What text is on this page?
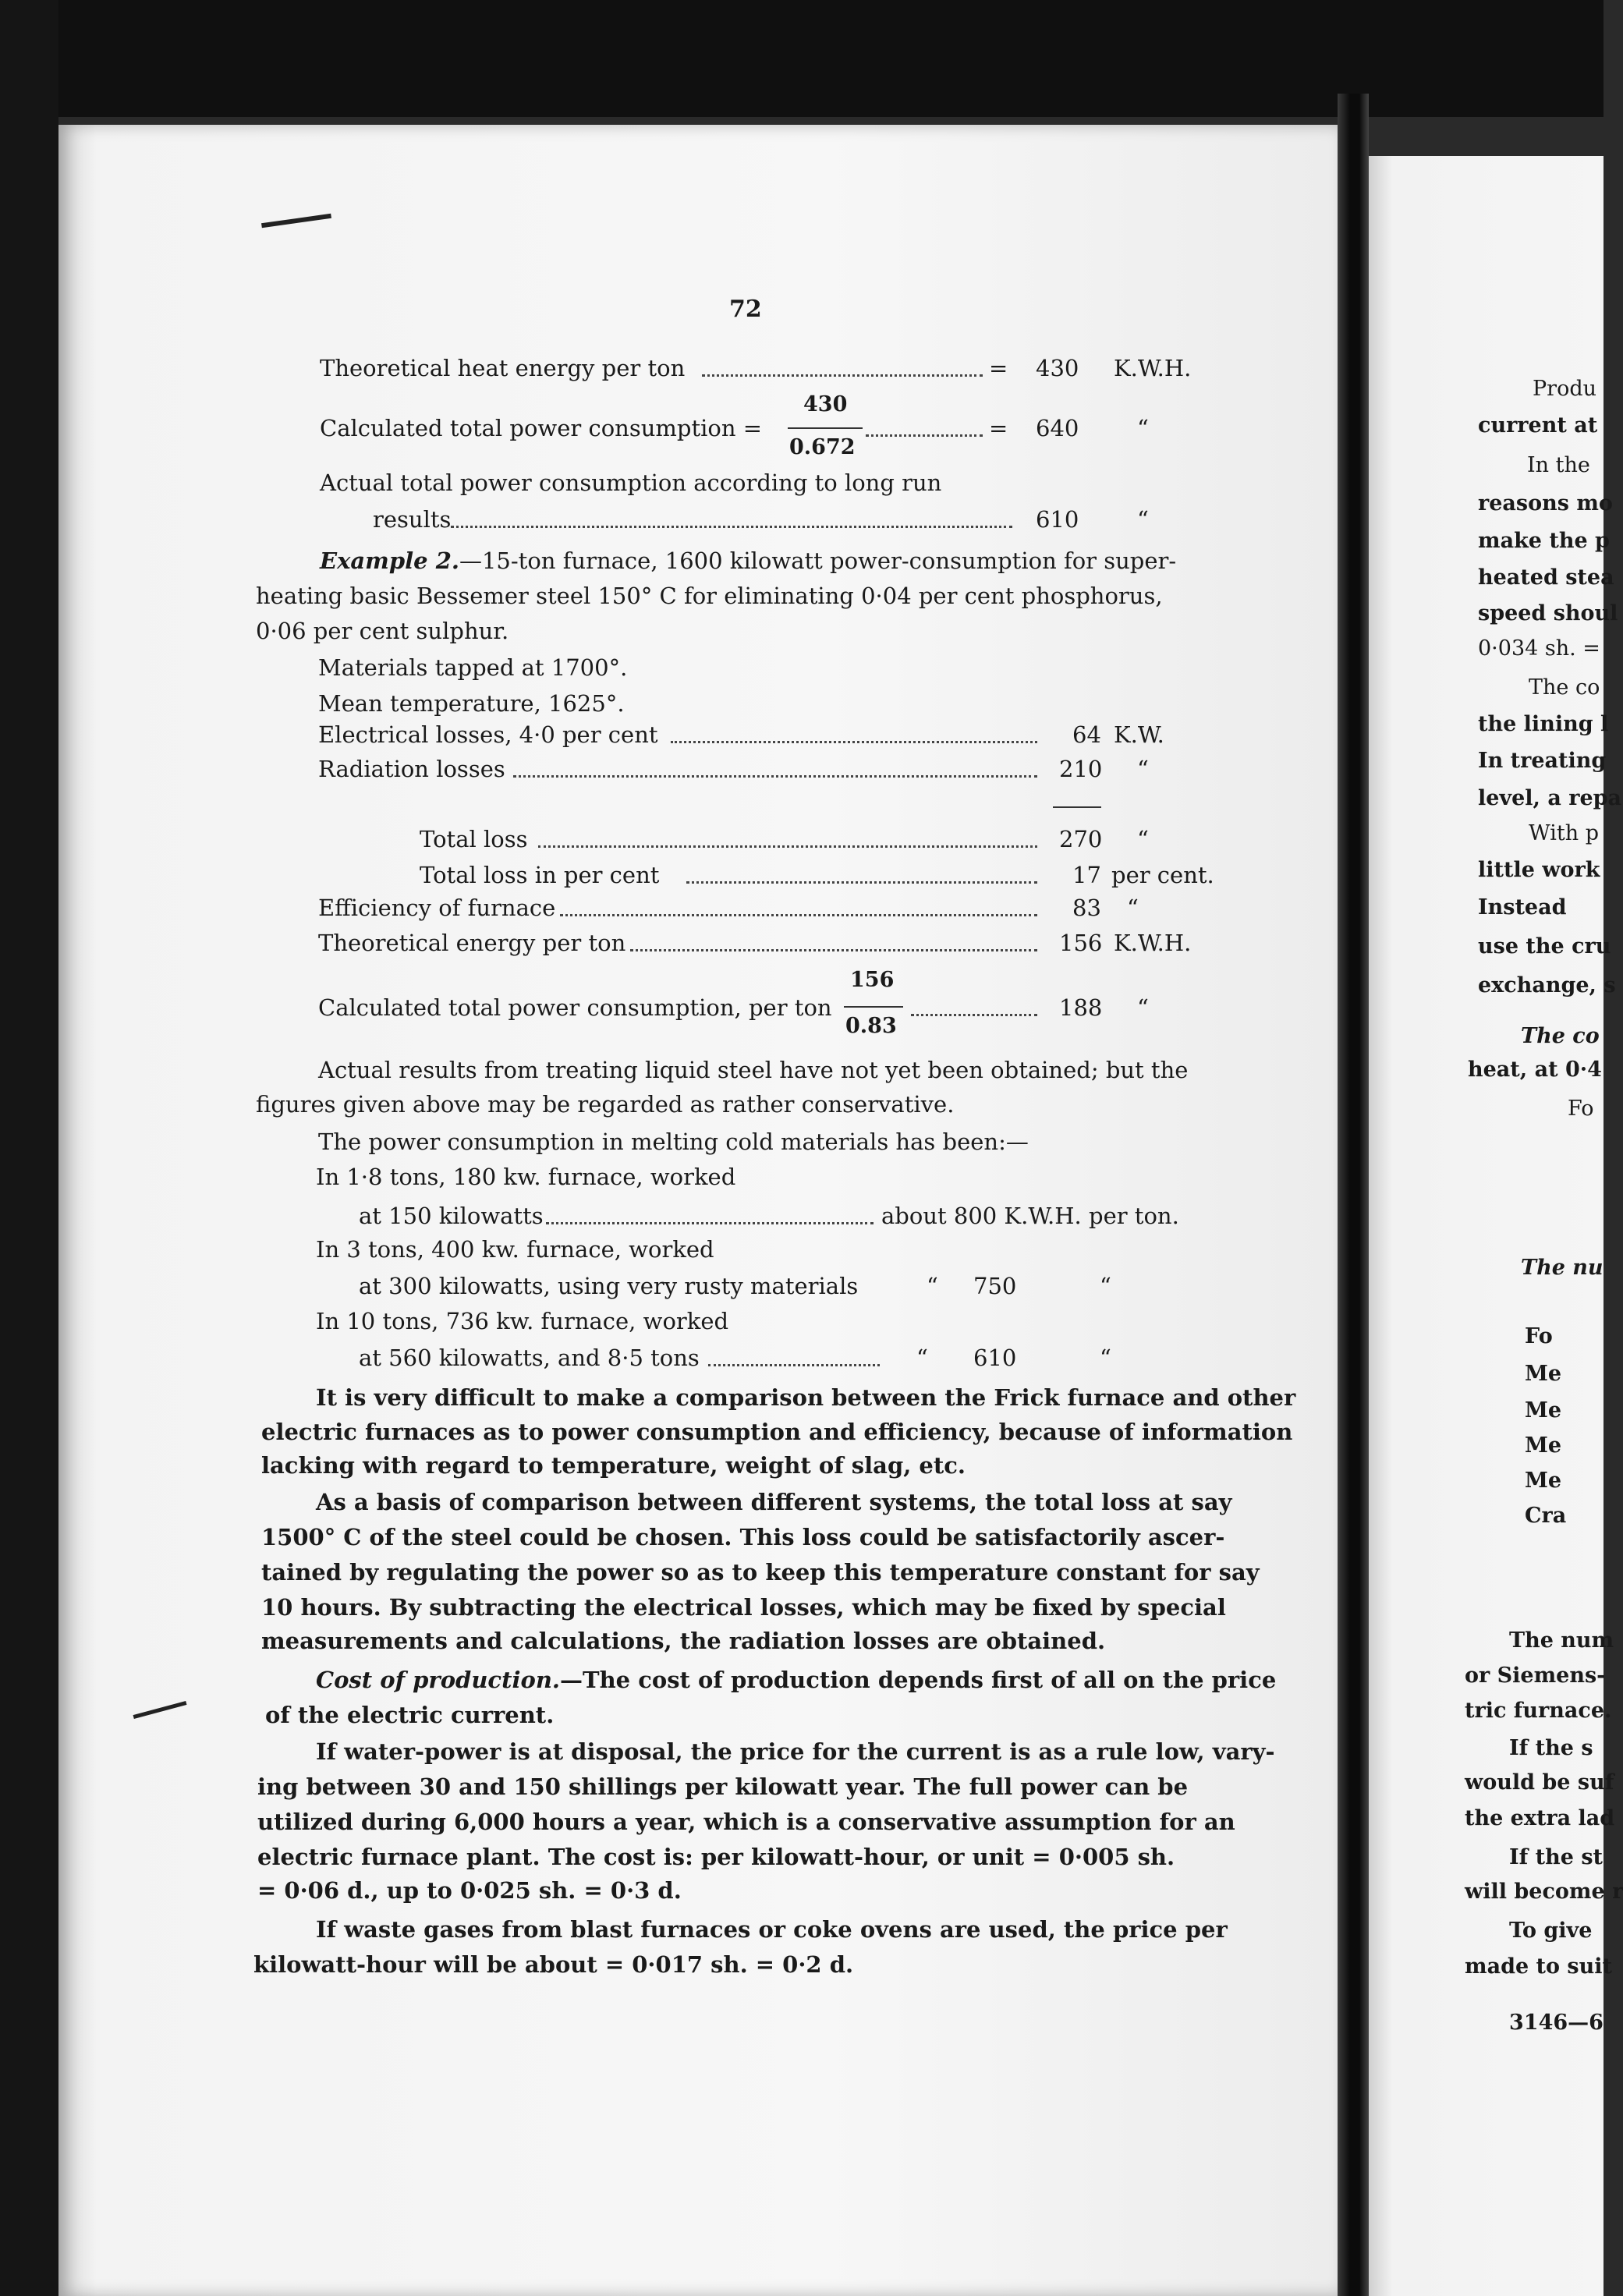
72
Theoretical heat energy per ton	= 430 K.W.H.
430
Calculated total power consumption =
0.672
= 640	“
Actual total power consumption according to long run
results	610	“
Example 2.—15-ton furnace, 1600 kilowatt power-consumption for super-
heating basic Bessemer steel 150° C for eliminating 0·04 per cent phosphorus,
0·06 per cent sulphur.
Materials tapped at 1700°.
Mean temperature, 1625°.
Electrical losses, 4·0 per cent	64 K.W.
Radiation losses	210 “
Total loss	270 “
Total loss in per cent	17 per cent.
Efficiency of furnace	83 “
Theoretical energy per ton	156 K.W.H.
156
Calculated total power consumption, per ton
0.83
188 “
Actual results from treating liquid steel have not yet been obtained; but the
figures given above may be regarded as rather conservative.
The power consumption in melting cold materials has been:—
In 1·8 tons, 180 kw. furnace, worked
at 150 kilowatts	about 800 K.W.H. per ton.
In 3 tons, 400 kw. furnace, worked
at 300 kilowatts, using very rusty materials	“ 750	“
In 10 tons, 736 kw. furnace, worked
at 560 kilowatts, and 8·5 tons	“ 610	“
It is very difficult to make a comparison between the Frick furnace and other
electric furnaces as to power consumption and efficiency, because of information
lacking with regard to temperature, weight of slag, etc.
As a basis of comparison between different systems, the total loss at say
1500° C of the steel could be chosen. This loss could be satisfactorily ascer-
tained by regulating the power so as to keep this temperature constant for say
10 hours. By subtracting the electrical losses, which may be fixed by special
measurements and calculations, the radiation losses are obtained.
Cost of production.—The cost of production depends first of all on the price
of the electric current.
If water-power is at disposal, the price for the current is as a rule low, vary-
ing between 30 and 150 shillings per kilowatt year. The full power can be
utilized during 6,000 hours a year, which is a conservative assumption for an
electric furnace plant. The cost is: per kilowatt-hour, or unit = 0·005 sh.
= 0·06 d., up to 0·025 sh. = 0·3 d.
If waste gases from blast furnaces or coke ovens are used, the price per
kilowatt-hour will be about = 0·017 sh. = 0·2 d.
Produ
current at
In the
reasons mo
make the p
heated stea
speed shoul
0·034 sh. =
The co
the lining l
In treating
level, a repa
With p
little work
Instead
use the cru
exchange, s
The co
heat, at 0·4
Fo
The nu
Fo
Me
Me
Me
Me
Cra
The num
or Siemens-
tric furnace.
If the s
would be suf
the extra lad
If the st
will become r
To give
made to suit
3146—6
